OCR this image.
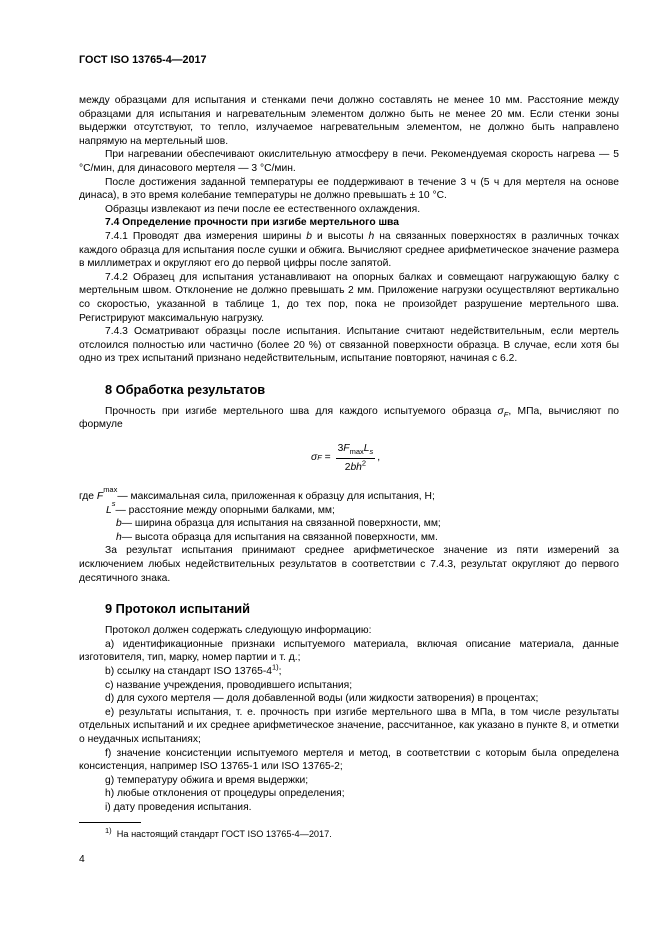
ГОСТ ISO 13765-4—2017

между образцами для испытания и стенками печи должно составлять не менее 10 мм. Расстояние между образцами для испытания и нагревательным элементом должно быть не менее 20 мм. Если стенки зоны выдержки отсутствуют, то тепло, излучаемое нагревательным элементом, не должно быть направлено напрямую на мертельный шов.

При нагревании обеспечивают окислительную атмосферу в печи. Рекомендуемая скорость нагрева — 5 °С/мин, для динасового мертеля — 3 °С/мин.

После достижения заданной температуры ее поддерживают в течение 3 ч (5 ч для мертеля на основе динаса), в это время колебание температуры не должно превышать ± 10 °С.

Образцы извлекают из печи после ее естественного охлаждения.

7.4 Определение прочности при изгибе мертельного шва

7.4.1 Проводят два измерения ширины b и высоты h на связанных поверхностях в различных точках каждого образца для испытания после сушки и обжига. Вычисляют среднее арифметическое значение размера в миллиметрах и округляют его до первой цифры после запятой.

7.4.2 Образец для испытания устанавливают на опорных балках и совмещают нагружающую балку с мертельным швом. Отклонение не должно превышать 2 мм. Приложение нагрузки осуществляют вертикально со скоростью, указанной в таблице 1, до тех пор, пока не произойдет разрушение мертельного шва. Регистрируют максимальную нагрузку.

7.4.3 Осматривают образцы после испытания. Испытание считают недействительным, если мертель отслоился полностью или частично (более 20 %) от связанной поверхности образца. В случае, если хотя бы одно из трех испытаний признано недействительным, испытание повторяют, начиная с 6.2.

8 Обработка результатов

Прочность при изгибе мертельного шва для каждого испытуемого образца $\sigma_F$, МПа, вычисляют по формуле

σ $F = \frac{3F_{max}L_s}{2bh^2}$ ,
где F
max
— максимальная сила, приложенная к образцу для испытания, Н;
L
s
— расстояние между опорными балками, мм;
b — ширина образца для испытания на связанной поверхности, мм;
h — высота образца для испытания на связанной поверхности, мм.

За результат испытания принимают среднее арифметическое значение из пяти измерений за исключением любых недействительных результатов в соответствии с 7.4.3, результат округляют до первого десятичного знака.

9 Протокол испытаний

Протокол должен содержать следующую информацию:

а) идентификационные признаки испытуемого материала, включая описание материала, данные изготовителя, тип, марку, номер партии и т. д.;

b) ссылку на стандарт ISO 13765-4$^{1)}$;

c) название учреждения, проводившего испытания;

d) для сухого мертеля — доля добавленной воды (или жидкости затворения) в процентах;

e) результаты испытания, т. е. прочность при изгибе мертельного шва в МПа, в том числе результаты отдельных испытаний и их среднее арифметическое значение, рассчитанное, как указано в пункте 8, и отметки о неудачных испытаниях;

f) значение консистенции испытуемого мертеля и метод, в соответствии с которым была определена консистенция, например ISO 13765-1 или ISO 13765-2;

g) температуру обжига и время выдержки;

h) любые отклонения от процедуры определения;

i) дату проведения испытания.

$^{1)}$  На настоящий стандарт ГОСТ ISO 13765-4—2017.
4
